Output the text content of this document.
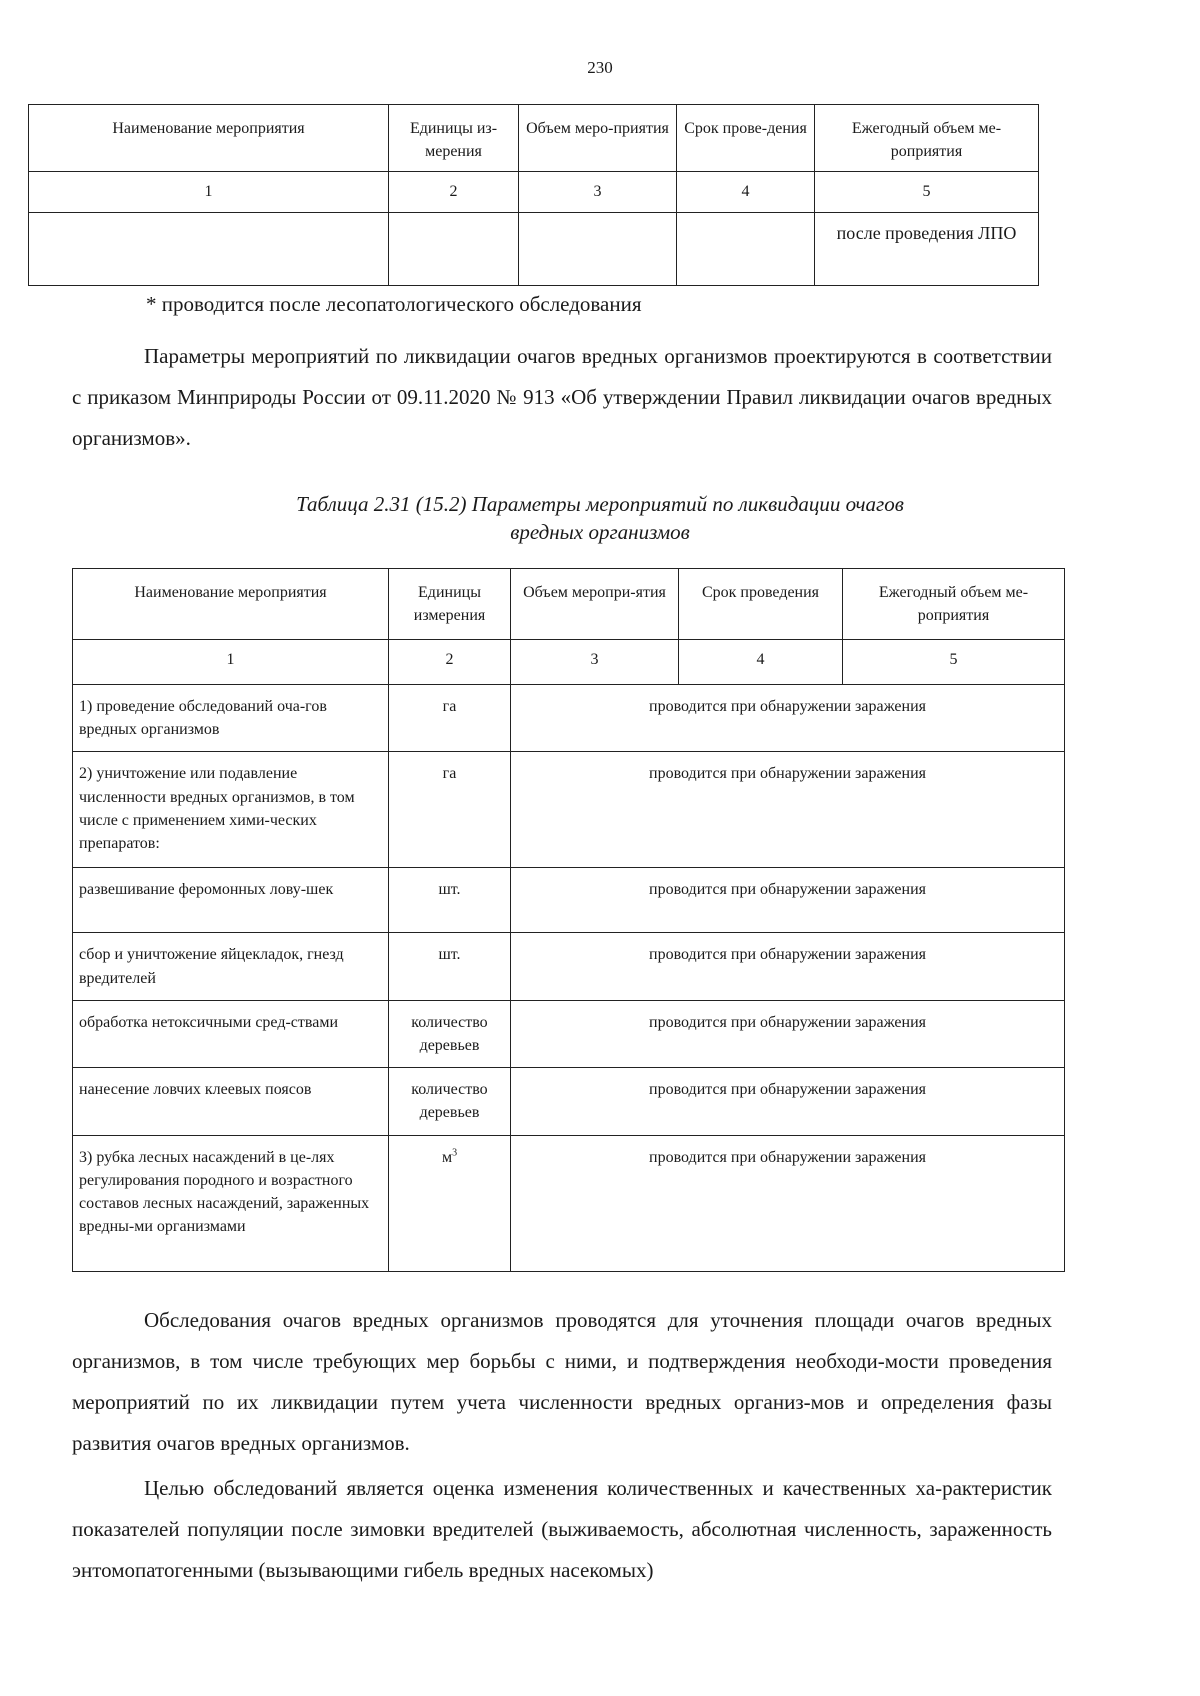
230
Наименование мероприятия	Единицы из-мерения	Объем меро-приятия	Срок прове-дения	Ежегодный объем ме-роприятия
1	2	3	4	5
				после проведения ЛПО
* проводится после лесопатологического обследования
Параметры мероприятий по ликвидации очагов вредных организмов проектируются в соответствии с приказом Минприроды России от 09.11.2020 № 913 «Об утверждении Правил ликвидации очагов вредных организмов».
Таблица 2.31 (15.2) Параметры мероприятий по ликвидации очагов
вредных организмов
Наименование мероприятия	Единицы измерения	Объем меропри-ятия	Срок проведения	Ежегодный объем ме-роприятия
1	2	3	4	5
1) проведение обследований оча-гов вредных организмов	га	проводится при обнаружении заражения		
2) уничтожение или подавление численности вредных организмов, в том числе с применением хими-ческих препаратов:	га	проводится при обнаружении заражения		
развешивание феромонных лову-шек	шт.	проводится при обнаружении заражения		
сбор и уничтожение яйцекладок, гнезд вредителей	шт.	проводится при обнаружении заражения		
обработка нетоксичными сред-ствами	количество деревьев	проводится при обнаружении заражения		
нанесение ловчих клеевых поясов	количество деревьев	проводится при обнаружении заражения		
3) рубка лесных насаждений в це-лях регулирования породного и возрастного составов лесных насаждений, зараженных вредны-ми организмами	$м^3$	проводится при обнаружении заражения		
Обследования очагов вредных организмов проводятся для уточнения площади очагов вредных организмов, в том числе требующих мер борьбы с ними, и подтверждения необходи-мости проведения мероприятий по их ликвидации путем учета численности вредных организ-мов и определения фазы развития очагов вредных организмов.
Целью обследований является оценка изменения количественных и качественных ха-рактеристик показателей популяции после зимовки вредителей (выживаемость, абсолютная численность, зараженность энтомопатогенными (вызывающими гибель вредных насекомых)
